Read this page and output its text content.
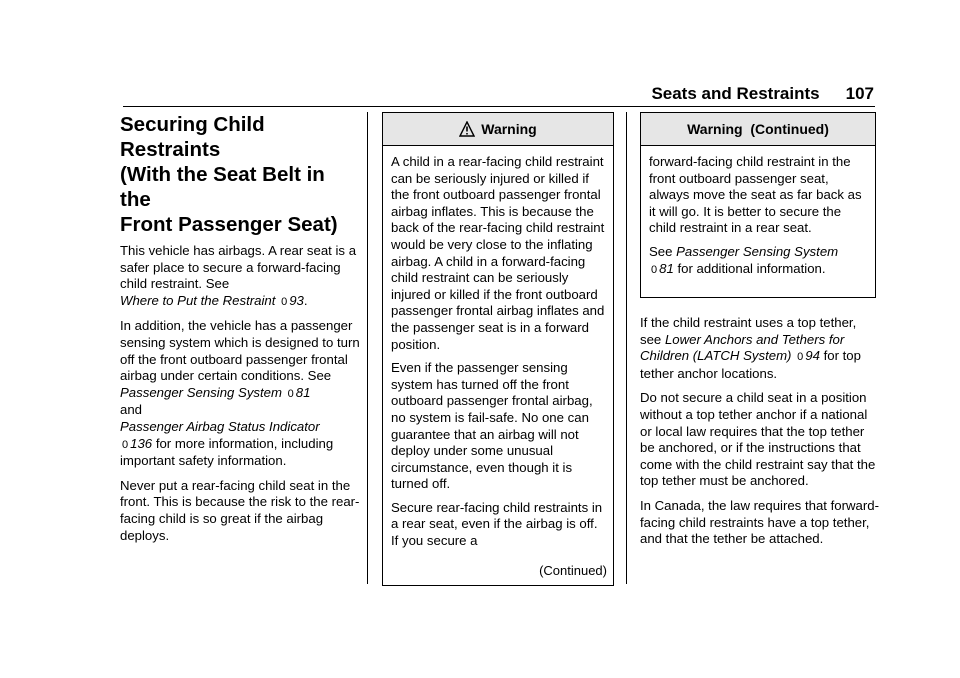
Seats and Restraints 107
Securing Child Restraints
(With the Seat Belt in the
Front Passenger Seat)

This vehicle has airbags. A rear seat is a safer place to secure a forward-facing child restraint. See
Where to Put the Restraint 0 93.

In addition, the vehicle has a passenger sensing system which is designed to turn off the front outboard passenger frontal airbag under certain conditions. See
Passenger Sensing System 0 81
and
Passenger Airbag Status Indicator
0 136 for more information, including important safety information.

Never put a rear-facing child seat in the front. This is because the risk to the rear-facing child is so great if the airbag deploys.

Warning

A child in a rear-facing child restraint can be seriously injured or killed if the front outboard passenger frontal airbag inflates. This is because the back of the rear-facing child restraint would be very close to the inflating airbag. A child in a forward-facing child restraint can be seriously injured or killed if the front outboard passenger frontal airbag inflates and the passenger seat is in a forward position.

Even if the passenger sensing system has turned off the front outboard passenger frontal airbag, no system is fail-safe. No one can guarantee that an airbag will not deploy under some unusual circumstance, even though it is turned off.

Secure rear-facing child restraints in a rear seat, even if the airbag is off. If you secure a

(Continued)
Warning  (Continued)

forward-facing child restraint in the front outboard passenger seat, always move the seat as far back as it will go. It is better to secure the child restraint in a rear seat.

See Passenger Sensing System
0 81 for additional information.

If the child restraint uses a top tether, see Lower Anchors and Tethers for Children (LATCH System) 0 94 for top tether anchor locations.

Do not secure a child seat in a position without a top tether anchor if a national or local law requires that the top tether be anchored, or if the instructions that come with the child restraint say that the top tether must be anchored.

In Canada, the law requires that forward-facing child restraints have a top tether, and that the tether be attached.
